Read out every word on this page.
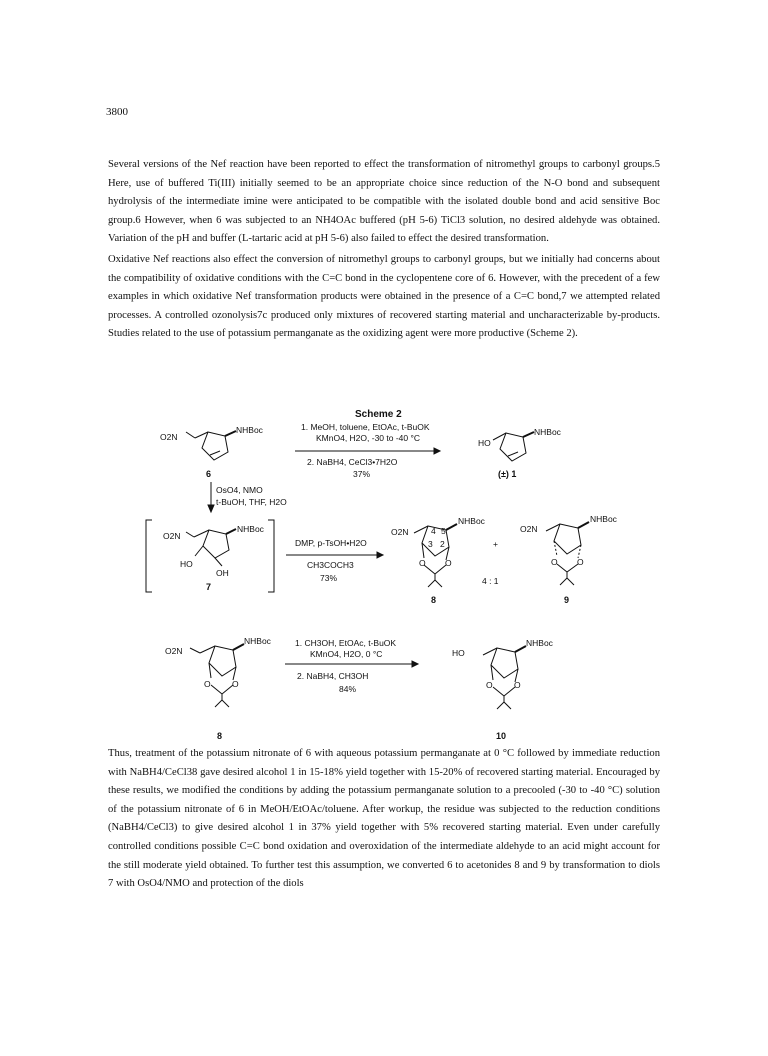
3800
Several versions of the Nef reaction have been reported to effect the transformation of nitromethyl groups to carbonyl groups.5 Here, use of buffered Ti(III) initially seemed to be an appropriate choice since reduction of the N-O bond and subsequent hydrolysis of the intermediate imine were anticipated to be compatible with the isolated double bond and acid sensitive Boc group.6 However, when 6 was subjected to an NH4OAc buffered (pH 5-6) TiCl3 solution, no desired aldehyde was obtained. Variation of the pH and buffer (L-tartaric acid at pH 5-6) also failed to effect the desired transformation.
Oxidative Nef reactions also effect the conversion of nitromethyl groups to carbonyl groups, but we initially had concerns about the compatibility of oxidative conditions with the C=C bond in the cyclopentene core of 6. However, with the precedent of a few examples in which oxidative Nef transformation products were obtained in the presence of a C=C bond,7 we attempted related processes. A controlled ozonolysis7c produced only mixtures of recovered starting material and uncharacterizable by-products. Studies related to the use of potassium permanganate as the oxidizing agent were more productive (Scheme 2).
Scheme 2
O2N
NHBoc
6
1. MeOH, toluene, EtOAc, t-BuOK
KMnO4, H2O, -30 to -40 °C
2. NaBH4, CeCl3•7H2O
37%
HO
NHBoc
(±) 1
OsO4, NMO
t-BuOH, THF, H2O
O2N
NHBoc
HO
OH
7
DMP, p-TsOH•H2O
CH3COCH3
73%
O2N
NHBoc
4 5
3 2
O O
8
+
4 : 1
O2N
NHBoc
O O
9
O2N
NHBoc
O	O
8
1. CH3OH, EtOAc, t-BuOK
KMnO4, H2O, 0 °C
2. NaBH4, CH3OH
84%
HO
NHBoc
O	O
10
Thus, treatment of the potassium nitronate of 6 with aqueous potassium permanganate at 0 °C followed by immediate reduction with NaBH4/CeCl38 gave desired alcohol 1 in 15-18% yield together with 15-20% of recovered starting material. Encouraged by these results, we modified the conditions by adding the potassium permanganate solution to a precooled (-30 to -40 °C) solution of the potassium nitronate of 6 in MeOH/EtOAc/toluene. After workup, the residue was subjected to the reduction conditions (NaBH4/CeCl3) to give desired alcohol 1 in 37% yield together with 5% recovered starting material. Even under carefully controlled conditions possible C=C bond oxidation and overoxidation of the intermediate aldehyde to an acid might account for the still moderate yield obtained. To further test this assumption, we converted 6 to acetonides 8 and 9 by transformation to diols 7 with OsO4/NMO and protection of the diols
